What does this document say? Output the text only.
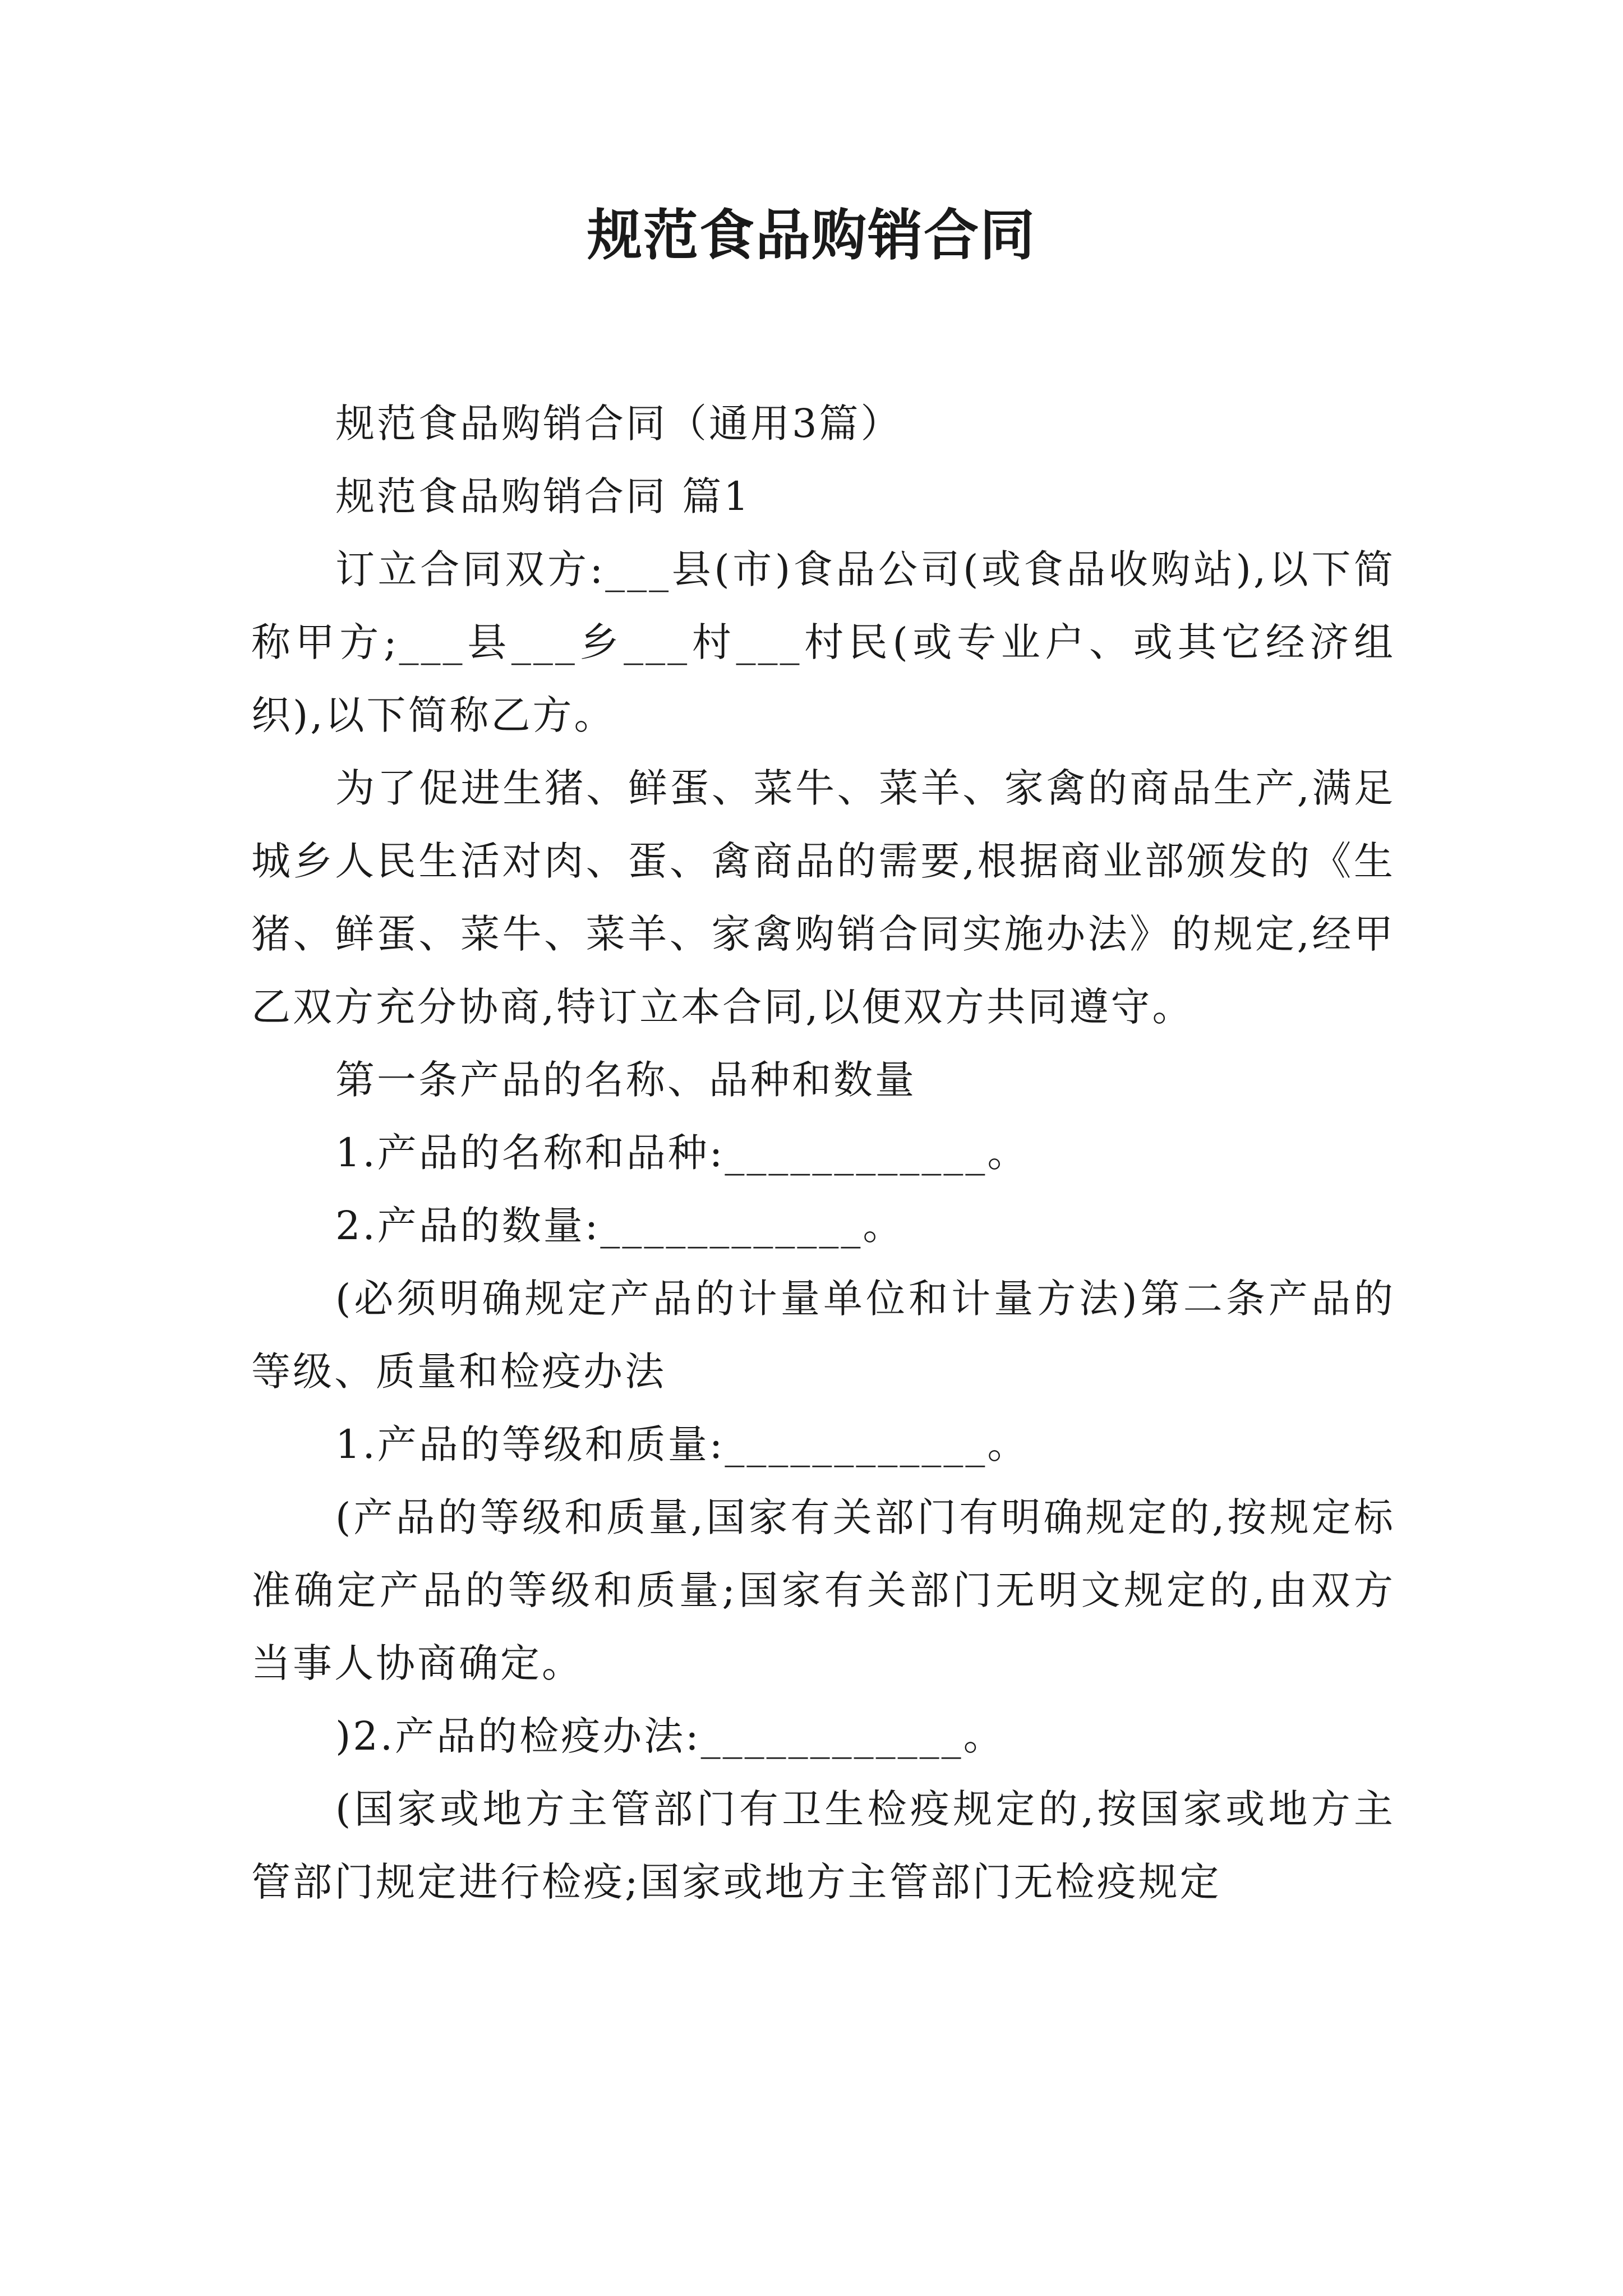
规范食品购销合同

规范食品购销合同（通用3篇）

规范食品购销合同 篇1

订立合同双方:___县(市)食品公司(或食品收购站),以下简称甲方;___县___乡___村___村民(或专业户、或其它经济组织),以下简称乙方。

为了促进生猪、鲜蛋、菜牛、菜羊、家禽的商品生产,满足城乡人民生活对肉、蛋、禽商品的需要,根据商业部颁发的《生猪、鲜蛋、菜牛、菜羊、家禽购销合同实施办法》的规定,经甲乙双方充分协商,特订立本合同,以便双方共同遵守。

第一条产品的名称、品种和数量

1.产品的名称和品种:____________。

2.产品的数量:____________。

(必须明确规定产品的计量单位和计量方法)第二条产品的等级、质量和检疫办法

1.产品的等级和质量:____________。

(产品的等级和质量,国家有关部门有明确规定的,按规定标准确定产品的等级和质量;国家有关部门无明文规定的,由双方当事人协商确定。

)2.产品的检疫办法:____________。

(国家或地方主管部门有卫生检疫规定的,按国家或地方主管部门规定进行检疫;国家或地方主管部门无检疫规定
